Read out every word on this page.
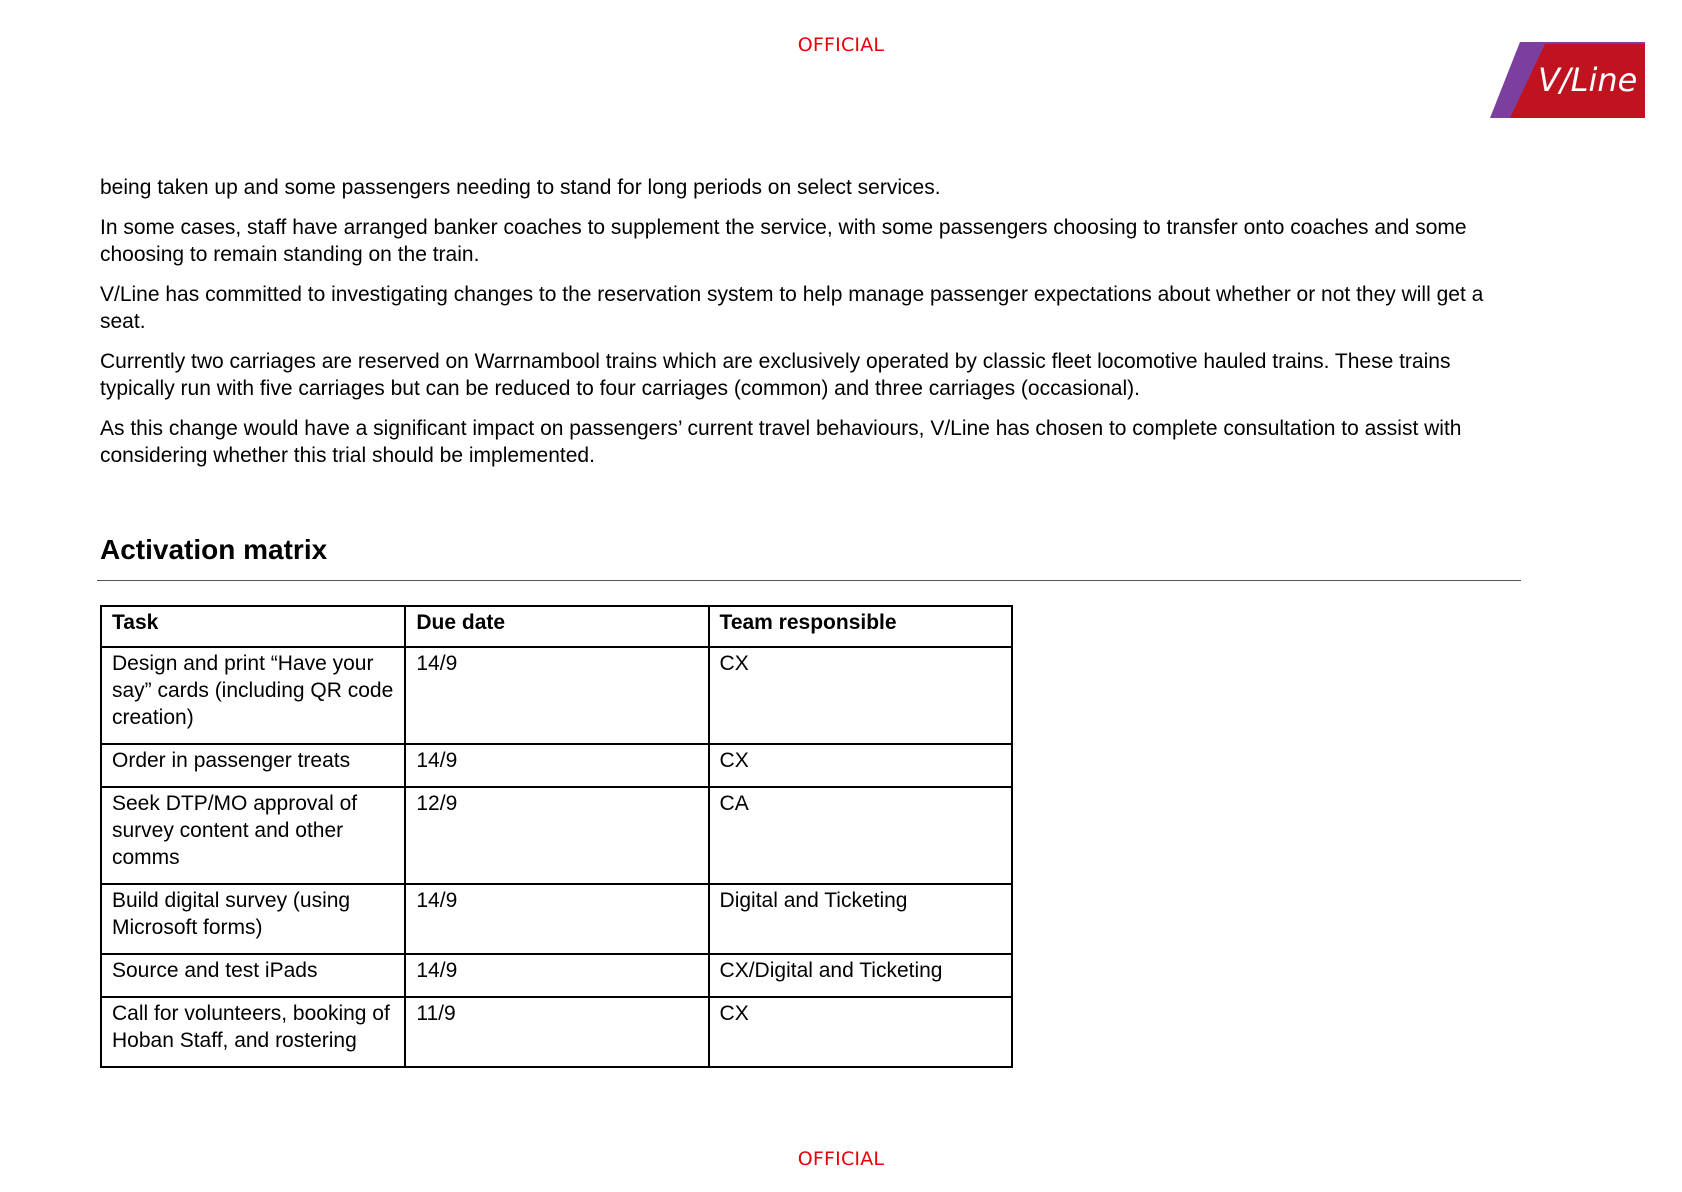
OFFICIAL
V/Line

being taken up and some passengers needing to stand for long periods on select services.

In some cases, staff have arranged banker coaches to supplement the service, with some passengers choosing to transfer onto coaches and some choosing to remain standing on the train.

V/Line has committed to investigating changes to the reservation system to help manage passenger expectations about whether or not they will get a seat.

Currently two carriages are reserved on Warrnambool trains which are exclusively operated by classic fleet locomotive hauled trains. These trains typically run with five carriages but can be reduced to four carriages (common) and three carriages (occasional).

As this change would have a significant impact on passengers’ current travel behaviours, V/Line has chosen to complete consultation to assist with considering whether this trial should be implemented.

Activation matrix
Task	Due date	Team responsible
Design and print “Have your say” cards (including QR code creation)	14/9	CX
Order in passenger treats	14/9	CX
Seek DTP/MO approval of survey content and other comms	12/9	CA
Build digital survey (using Microsoft forms)	14/9	Digital and Ticketing
Source and test iPads	14/9	CX/Digital and Ticketing
Call for volunteers, booking of Hoban Staff, and rostering	11/9	CX
OFFICIAL
